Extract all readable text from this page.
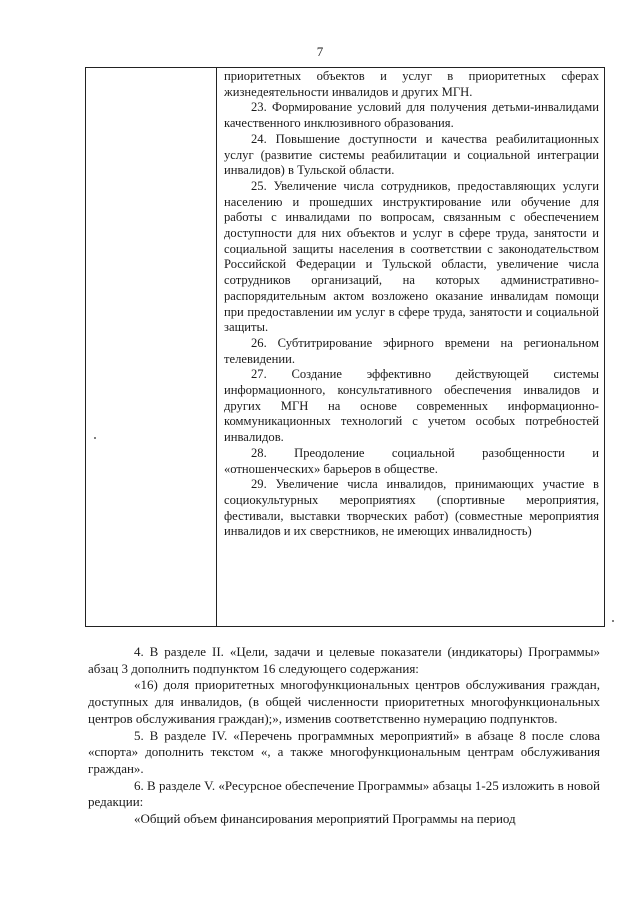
7

приоритетных объектов и услуг в приоритетных сферах жизнедеятельности инвалидов и других МГН.

23. Формирование условий для получения детьми-инвалидами качественного инклюзивного образования.

24. Повышение доступности и качества реабилитационных услуг (развитие системы реабилитации и социальной интеграции инвалидов) в Тульской области.

25. Увеличение числа сотрудников, предоставляющих услуги населению и прошедших инструктирование или обучение для работы с инвалидами по вопросам, связанным с обеспечением доступности для них объектов и услуг в сфере труда, занятости и социальной защиты населения в соответствии с законодательством Российской Федерации и Тульской области, увеличение числа сотрудников организаций, на которых административно-распорядительным актом возложено оказание инвалидам помощи при предоставлении им услуг в сфере труда, занятости и социальной защиты.

26. Субтитрирование эфирного времени на региональном телевидении.

27. Создание эффективно действующей системы информационного, консультативного обеспечения инвалидов и других МГН на основе современных информационно-коммуникационных технологий с учетом особых потребностей инвалидов.

28. Преодоление социальной разобщенности и «отношенческих» барьеров в обществе.

29. Увеличение числа инвалидов, принимающих участие в социокультурных мероприятиях (спортивные мероприятия, фестивали, выставки творческих работ) (совместные мероприятия инвалидов и их сверстников, не имеющих инвалидность)

4. В разделе II. «Цели, задачи и целевые показатели (индикаторы) Программы» абзац 3 дополнить подпунктом 16 следующего содержания:

«16) доля приоритетных многофункциональных центров обслуживания граждан, доступных для инвалидов, (в общей численности приоритетных многофункциональных центров обслуживания граждан);», изменив соответственно нумерацию подпунктов.

5. В разделе IV. «Перечень программных мероприятий» в абзаце 8 после слова «спорта» дополнить текстом «, а также многофункциональным центрам обслуживания граждан».

6. В разделе V. «Ресурсное обеспечение Программы» абзацы 1-25 изложить в новой редакции:

«Общий объем финансирования мероприятий Программы на период
